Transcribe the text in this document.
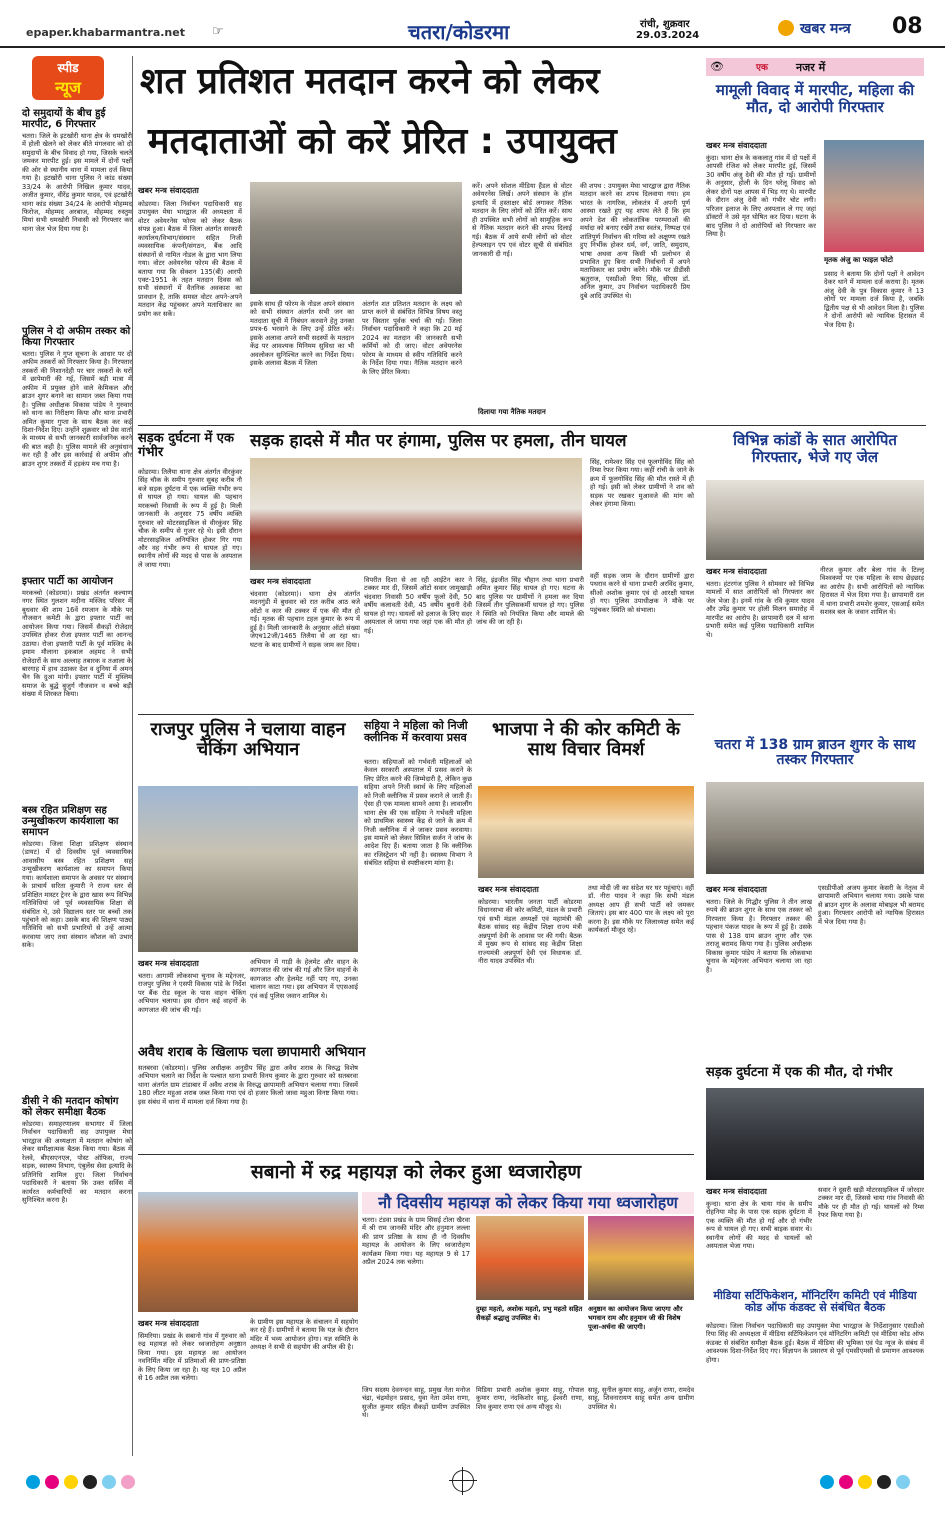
epaper.khabarmantra.net ☞	चतरा/कोडरमा	रांची, शुक्रवार
29.03.2024	खबर मन्त्र 08
स्पीड
न्यूज
दो समुदायों के बीच हुई मारपीट, 6 गिरफ्तार
चतरा। जिले के इटखोरी थाना क्षेत्र के धमखोरी में होली खेलने को लेकर बीते मंगलवार को दो समुदायों के बीच विवाद हो गया, जिसके चलते जमकर मारपीट हुई। इस मामले में दोनों पक्षों की ओर से स्थानीय थाना में मामला दर्ज किया गया है। इटखोरी थाना पुलिस ने कांड संख्या 33/24 के आरोपी निखिल कुमार यादव, अजीत कुमार, वीरेंद्र कुमार यादव, एवं इटखोरी थाना कांड संख्या 34/24 के आरोपी मोहम्मद फिरोज, मोहम्मद अरबाज, मोहम्मद रुस्तुम मियां सभी धमखोरी निवासी को गिरफ्तार कर थाना जेल भेज दिया गया है।
पुलिस ने दो अफीम तस्कर को किया गिरफ्तार
चतरा। पुलिस ने गुप्त सूचना के आधार पर दो अफीम तस्करों को गिरफ्तार किया है। गिरफ्तार तस्करों की निशानदेही पर चार तस्करों के घरों में छापेमारी की गई, जिसमें बड़ी मात्रा में अफीम में प्रयुक्त होने वाले केमिकल और ब्राउन शुगर बनाने का सामान जब्त किया गया है। पुलिस अधीक्षक विकास पांडेय ने गुरुवार को थाना का निरीक्षण किया और थाना प्रभारी अमित कुमार गुप्ता के साथ बैठक कर कई दिशा-निर्देश दिए। उन्होंने शुक्रवार को प्रेस वार्ता के माध्यम से सभी जानकारी सार्वजनिक करने की बात कही है। पुलिस मामले की अनुसंधान कर रही है और इस कार्रवाई से अफीम और ब्राउन शुगर तस्करों में हड़कंप मच गया है।
इफ्तार पार्टी का आयोजन
मरकच्चो (कोडरमा)। प्रखंड अंतर्गत कल्याण नगर स्थित गुलशन मदीना मस्जिद परिसर में बुधवार की शाम 16वें रमजान के मौके पर नौजवान कमेटी के द्वारा इफ्तार पार्टी का आयोजन किया गया। जिसमें सैकड़ों रोजेदार उपस्थित होकर रोजा इफ्तार पार्टी का आनन्द उठाया। रोजा इफ्तारी पार्टी के पूर्व मस्जिद के इमाम मौलाना इकबाल अहमद ने सभी रोजेदारों के साथ अल्लाह तबारक व तआला के बारगाह में हाथ उठाकर देश व दुनिया में अमन चैन कि दुआ मांगी। इफ्तार पार्टी में मुस्लिम समाज के बुद्धे बुजुर्ग नौजवान व बच्चे बड़ी संख्या में शिरकत किया।
बस्त्र रहित प्रशिक्षण सह उन्मुखीकरण कार्यशाला का समापन
कोडरमा। जिला शिक्षा प्रशिक्षण संस्थान (डायट) में दो दिवसीय पूर्व व्यवसायिक आवासीय बस्त्र रहित प्रशिक्षण सह उन्मुखीकरण कार्यशाला का समापन किया गया। कार्यशाला समापन के अवसर पर संस्थान के प्राचार्य सरिता कुमारी ने राज्य स्तर से प्रशिक्षित मास्टर ट्रेनर के द्वारा खास रूप विभिन्न गतिविधियां जो पूर्व व्यवसायिक शिक्षा से संबंधित थे, उसे विद्यालय स्तर पर बच्चों तक पहुंचाने को कहा। उसके बाद की शिक्षण पाठ्य गतिविधि को सभी प्रभारियों से उन्हें आत्मा करवाया जाए तथा संस्थान कौशल को उभार सके।
डीसी ने की मतदान कोषांग को लेकर समीक्षा बैठक
कोडरमा। समाहरणालय सभागार में जिला निर्वाचन पदाधिकारी सह उपायुक्त मेघा भारद्वाज की अध्यक्षता में मतदान कोषांग को लेकर समीक्षात्मक बैठक किया गया। बैठक में रेलवे, बीएसएनएल, पोस्ट ऑफिस, राज्य सड़क, स्वास्थ्य विभाग, एंबुलेंस सेवा इत्यादि के प्रतिनिधि शामिल हुए। जिला निर्वाचन पदाधिकारी ने बताया कि उक्त सर्विस में कार्यरत कर्मचारियों का मतदान करना सुनिश्चित करना है।
शत प्रतिशत मतदान करने को लेकर
मतदाताओं को करें प्रेरित : उपायुक्त
खबर मन्त्र संवाददाता
कोडरमा। जिला निर्वाचन पदाधिकारी सह उपायुक्त मेघा भारद्वाज की अध्यक्षता में वोटर अवेयरनेस फोरम को लेकर बैठक संपन्न हुआ। बैठक में जिला अंतर्गत सरकारी कार्यालय/विभाग/संस्थान सहित निजी व्यवसायिक कंपनी/संगठन, बैंक आदि संस्थानों से नामित नोडल के द्वारा भाग लिया गया। वोटर अवेयरनेस फोरम की बैठक में बताया गया कि सेक्शन 135(बी) आरपी एक्ट-1951 के तहत मतदान दिवस को सभी संस्थानों में वैतनिक अवकाश का प्रावधान है, ताकि समस्त वोटर अपने-अपने मतदान केंद्र पहुंचकर अपने मताधिकार का प्रयोग कर सकें।
इसके साथ ही फोरम के नोडल अपने संस्थान को सभी संस्थान अंतर्गत सभी जन का मतदाता सूची में निबंधन करवाने हेतु उनका प्रपत्र-6 भरवाने के लिए उन्हें प्रेरित करें। इसके अलावा अपने सभी सदस्यों के मतदान केंद्र पर आवश्यक मिनिमम सुविधा का भी अवलोकन सुनिश्चित करने का निर्देश दिया। इसके अलावा बैठक में जिला
अंतर्गत शत प्रतिशत मतदान के लक्ष्य को प्राप्त करने से संबंधित विभिन्न विषय वस्तु पर विस्तार पूर्वक चर्चा की गई। जिला निर्वाचन पदाधिकारी ने कहा कि 20 मई 2024 का मतदान की जानकारी सभी कर्मियों को दी जाए। वोटर अवेयरनेस फोरम के माध्यम से स्वीप गतिविधि करने के निर्देश दिया गया। नैतिक मतदान करने के लिए प्रेरित किया।
करें। अपने सोशल मीडिया हैंडल से वोटर अवेयरनेस लिखें। अपने संस्थान के हॉल इत्यादि में हस्ताक्षर बोर्ड लगाकर नैतिक मतदान के लिए लोगों को प्रेरित करें। साथ ही उपस्थित सभी लोगों को सामूहिक रूप से नैतिक मतदान करने की शपथ दिलाई गई। बैठक में आये सभी लोगों को वोटर हेल्पलाइन एप एवं वोटर सूची से संबंधित जानकारी दी गई।
दिलाया गया नैतिक मतदान
की शपथ : उपायुक्त मेघा भारद्वाज द्वारा नैतिक मतदान करने का शपथ दिलवाया गया। हम भारत के नागरिक, लोकतंत्र में अपनी पूर्ण आस्था रखते हुए यह शपथ लेते हैं कि हम अपने देश की लोकतांत्रिक परम्पराओं की मर्यादा को बनाए रखेंगे तथा स्वतंत्र, निष्पक्ष एवं शांतिपूर्ण निर्वाचन की गरिमा को अक्षुण्ण रखते हुए निर्भीक होकर धर्म, वर्ग, जाति, समुदाय, भाषा अथवा अन्य किसी भी प्रलोभन से प्रभावित हुए बिना सभी निर्वाचनों में अपने मताधिकार का प्रयोग करेंगे। मौके पर डीडीसी ऋतुराज, एसडीओ रिया सिंह, सीएस डॉ. अनिल कुमार, उप निर्वाचन पदाधिकारी प्रिय दुबे आदि उपस्थित थे।
👁	एक	नजर में
मामूली विवाद में मारपीट, महिला की मौत, दो आरोपी गिरफ्तार
खबर मन्त्र संवाददाता
कुंदा। थाना क्षेत्र के ककलातु गांव में दो पक्षों में आपसी रंजिश को लेकर मारपीट हुई, जिसमें 30 वर्षीय अंजु देवी की मौत हो गई। ग्रामीणों के अनुसार, होली के दिन घरेलू विवाद को लेकर दोनों पक्ष आपस में भिड़ गए थे। मारपीट के दौरान अंजु देवी को गंभीर चोट लगी। परिजन इलाज के लिए अस्पताल ले गए जहां डॉक्टरों ने उसे मृत घोषित कर दिया। घटना के बाद पुलिस ने दो आरोपियों को गिरफ्तार कर लिया है।
मृतक अंजु का फाइल फोटो
प्रसाद ने बताया कि दोनों पक्षों ने आवेदन देकर थाने में मामला दर्ज कराया है। मृतक अंजु देवी के पुत्र विकास कुमार ने 13 लोगों पर मामला दर्ज किया है, जबकि द्वितीय पक्ष से भी आवेदन मिला है। पुलिस ने दोनों आरोपी को न्यायिक हिरासत में भेज दिया है।
सड़क दुर्घटना में एक गंभीर
कोडरमा। तिलैया थाना क्षेत्र अंतर्गत वीरकुंवर सिंह चौक के समीप गुरुवार सुबह करीब नौ बजे सड़क दुर्घटना में एक व्यक्ति गंभीर रूप से घायल हो गया। घायल की पहचान मरकच्चो निवासी के रूप में हुई है। मिली जानकारी के अनुसार 75 वर्षीय व्यक्ति गुरुवार को मोटरसाइकिल से वीरकुंवर सिंह चौक के समीप से गुजर रहे थे। इसी दौरान मोटरसाइकिल अनियंत्रित होकर गिर गया और वह गंभीर रूप से घायल हो गए। स्थानीय लोगों की मदद से पास के अस्पताल ले जाया गया।
सड़क हादसे में मौत पर हंगामा, पुलिस पर हमला, तीन घायल
खबर मन्त्र संवाददाता
चंदवारा (कोडरमा)। थाना क्षेत्र अंतर्गत मदनगुंडी में बुधवार को रात करीब आठ बजे ऑटो व कार की टक्कर में एक की मौत हो गई। मृतक की पहचान टहल कुमार के रूप में हुई है। मिली जानकारी के अनुसार ऑटो संख्या जेएच12जी/1465 तिलैया से आ रहा था। घटना के बाद ग्रामीणों ने सड़क जाम कर दिया।
विपरीत दिशा से आ रही आईटेन कार ने टक्कर मार दी, जिसमें ऑटो सवार जामुखाड़ी चंदवारा निवासी 50 वर्षीय फूलो देवी, 50 वर्षीय कलावती देवी, 45 वर्षीय बुधनी देवी घायल हो गए। घायलों को इलाज के लिए सदर अस्पताल ले जाया गया जहां एक की मौत हो गई।
सिंह, इंद्रजीत सिंह चौहान तथा थाना प्रभारी अमित कुमार सिंह घायल हो गए। घटना के बाद पुलिस पर ग्रामीणों ने हमला कर दिया जिसमें तीन पुलिसकर्मी घायल हो गए। पुलिस ने स्थिति को नियंत्रित किया और मामले की जांच की जा रही है।
सिंह, रामेश्वर सिंह एवं फूलगोविंद सिंह को रिम्स रेफर किया गया। कहीं रांची के जाने के क्रम में फूलगोविंद सिंह की मौत रास्ते में ही हो गई। इसी को लेकर ग्रामीणों ने शव को सड़क पर रखकर मुआवजे की मांग को लेकर हंगामा किया।
वहीं सड़क जाम के दौरान ग्रामीणों द्वारा पथराव करने से थाना प्रभारी अरविंद कुमार, सीओ अशोक कुमार एवं दो आरक्षी घायल हो गए। पुलिस उपाधीक्षक ने मौके पर पहुंचकर स्थिति को संभाला।
विभिन्न कांडों के सात आरोपित गिरफ्तार, भेजे गए जेल
खबर मन्त्र संवाददाता
चतरा। हंटरगंज पुलिस ने सोमवार को विभिन्न मामलों में सात आरोपितों को गिरफ्तार कर जेल भेजा है। इनमें गांव के रवि कुमार यादव और उपेंद्र कुमार पर होली मिलन समारोह में मारपीट का आरोप है। छापामारी दल में थाना प्रभारी समेत कई पुलिस पदाधिकारी शामिल थे।
नीरज कुमार और बेला गांव के टिल्लू विश्वकर्मा पर एक महिला के साथ छेड़छाड़ का आरोप है। सभी आरोपितों को न्यायिक हिरासत में भेज दिया गया है। छापामारी दल में थाना प्रभारी शमशेर कुमार, एसआई समेत सशस्त्र बल के जवान शामिल थे।
राजपुर पुलिस ने चलाया वाहन चेकिंग अभियान
खबर मन्त्र संवाददाता
चतरा। आगामी लोकसभा चुनाव के मद्देनजर, राजपुर पुलिस ने एसपी विकास पांडे के निर्देश पर बैंक रोड स्कूल के पास वाहन चेकिंग अभियान चलाया। इस दौरान कई वाहनों के कागजात की जांच की गई।
अभियान में गाड़ी के हेलमेट और वाहन के कागजात की जांच की गई और जिन वाहनों के कागजात और हेलमेट नहीं पाए गए, उनका चालान काटा गया। इस अभियान में एएसआई एवं कई पुलिस जवान शामिल थे।
अवैध शराब के खिलाफ चला छापामारी अभियान
सतबरवा (कोडरमा)। पुलिस अधीक्षक अनुदीप सिंह द्वारा अवैध शराब के विरुद्ध विशेष अभियान चलाने का निर्देश के पश्चात थाना प्रभारी विनय कुमार के द्वारा गुरुवार को सतबरवा थाना अंतर्गत ग्राम टांडाबार में अवैध शराब के विरुद्ध छापामारी अभियान चलाया गया। जिसमें 180 लीटर महुआ शराब जब्त किया गया एवं दो हजार किलो जावा महुआ विनष्ट किया गया। इस संबंध में थाना में मामला दर्ज किया गया है।
सहिया ने महिला को निजी क्लीनिक में करवाया प्रसव
चतरा। सहियाओं को गर्भवती महिलाओं को केवल सरकारी अस्पताल में प्रसव कराने के लिए प्रेरित करने की जिम्मेदारी है, लेकिन कुछ सहिया अपने निजी स्वार्थ के लिए महिलाओं को निजी क्लीनिक में प्रसव कराने ले जाती हैं। ऐसा ही एक मामला सामने आया है। लावालौंग थाना क्षेत्र की एक सहिया ने गर्भवती महिला को प्राथमिक स्वास्थ्य केंद्र से जाने के क्रम में निजी क्लीनिक में ले जाकर प्रसव करवाया। इस मामले को लेकर सिविल सर्जन ने जांच के आदेश दिए हैं। बताया जाता है कि क्लीनिक का रजिस्ट्रेशन भी नहीं है। स्वास्थ्य विभाग ने संबंधित सहिया से स्पष्टीकरण मांगा है।
भाजपा ने की कोर कमिटी के साथ विचार विमर्श
खबर मन्त्र संवाददाता
कोडरमा। भारतीय जनता पार्टी कोडरमा विधानसभा की कोर कमिटी, मंडल के प्रभारी एवं सभी मंडल अध्यक्षों एवं महामंत्री की बैठक सांसद सह केंद्रीय शिक्षा राज्य मंत्री अन्नपूर्णा देवी के आवास पर की गयी। बैठक में मुख्य रूप से सांसद सह केंद्रीय शिक्षा राज्यमंत्री अन्नपूर्णा देवी एवं विधायक डॉ. नीरा यादव उपस्थित थी।
तथा मोदी जी का संदेश घर घर पहुंचाएं। वहीं डॉ. नीरा यादव ने कहा कि सभी मंडल अध्यक्ष आप ही सभी पार्टी को जमकर जिताएं। इस बार 400 पार के लक्ष्य को पूरा करना है। इस मौके पर जिलाध्यक्ष समेत कई कार्यकर्ता मौजूद रहे।
चतरा में 138 ग्राम ब्राउन शुगर के साथ तस्कर गिरफ्तार
खबर मन्त्र संवाददाता
चतरा। जिले के गिद्धौर पुलिस ने तीन लाख रुपये की ब्राउन शुगर के साथ एक तस्कर को गिरफ्तार किया है। गिरफ्तार तस्कर की पहचान पंकज यादव के रूप में हुई है। उसके पास से 138 ग्राम ब्राउन शुगर और एक तराजू बरामद किया गया है। पुलिस अधीक्षक विकास कुमार पांडेय ने बताया कि लोकसभा चुनाव के मद्देनजर अभियान चलाया जा रहा है।
एसडीपीओ अजय कुमार केसरी के नेतृत्व में छापामारी अभियान चलाया गया। उसके पास से ब्राउन शुगर के अलावा मोबाइल भी बरामद हुआ। गिरफ्तार आरोपी को न्यायिक हिरासत में भेज दिया गया है।
सड़क दुर्घटना में एक की मौत, दो गंभीर
खबर मन्त्र संवाददाता
कुन्दा। थाना क्षेत्र के चाया गांव के समीप रोहनिया मोड़ के पास एक सड़क दुर्घटना में एक व्यक्ति की मौत हो गई और दो गंभीर रूप से घायल हो गए। सभी बाइक सवार थे। स्थानीय लोगों की मदद से घायलों को अस्पताल भेजा गया।
सवार ने दूसरी खड़ी मोटरसाइकिल में जोरदार टक्कर मार दी, जिससे चाया गांव निवासी की मौके पर ही मौत हो गई। घायलों को रिम्स रेफर किया गया है।
मीडिया सर्टिफिकेशन, मॉनिटरिंग कमिटी एवं मीडिया कोड ऑफ कंडक्ट से संबंधित बैठक
कोडरमा। जिला निर्वाचन पदाधिकारी सह उपायुक्त मेघा भारद्वाज के निर्देशानुसार एसडीओ रिया सिंह की अध्यक्षता में मीडिया सर्टिफिकेशन एवं मॉनिटरिंग कमिटी एवं मीडिया कोड ऑफ कंडक्ट से संबंधित समीक्षा बैठक हुई। बैठक में मीडिया की भूमिका एवं पेड न्यूज के संबंध में आवश्यक दिशा-निर्देश दिए गए। विज्ञापन के प्रसारण से पूर्व एमसीएमसी से प्रमाणन आवश्यक होगा।
सबानो में रुद्र महायज्ञ को लेकर हुआ ध्वजारोहण
खबर मन्त्र संवाददाता
सिमरिया। प्रखंड के सबानो गांव में गुरुवार को रुद्र महायज्ञ को लेकर ध्वजारोहण अनुष्ठान किया गया। इस महायज्ञ का आयोजन नवनिर्मित मंदिर में प्रतिमाओं की प्राण-प्रतिष्ठा के लिए किया जा रहा है। यह यज्ञ 10 अप्रैल से 16 अप्रैल तक चलेगा।
के ग्रामीण इस महायज्ञ के संचालन में सहयोग कर रहे हैं। ग्रामीणों ने बताया कि यज्ञ के दौरान मंदिर में भव्य आयोजन होगा। यज्ञ समिति के अध्यक्ष ने सभी से सहयोग की अपील की है।
नौ दिवसीय महायज्ञ को लेकर किया गया ध्वजारोहण
चतरा। टंडवा प्रखंड के ग्राम सिसई टोला खैरवा में श्री राम जानकी मंदिर और हनुमान लल्ला की प्राण प्रतिष्ठा के साथ ही नौ दिवसीय महायज्ञ के आयोजन के लिए ध्वजारोहण कार्यक्रम किया गया। यह महायज्ञ 9 से 17 अप्रैल 2024 तक चलेगा।
दुम्हा महतो, अशोक महतो, प्रभु महतो सहित सैकड़ों श्रद्धालु उपस्थित थे।
अनुष्ठान का आयोजन किया जाएगा और भगवान राम और हनुमान जी की विशेष पूजा-अर्चना की जाएगी।
जिप सदस्य देवनन्दन साहू, प्रमुख नेता मनोज चंद्रा, चंद्रमोहन प्रसाद, युवा नेता उमेश राणा, सुजीत कुमार सहित सैकड़ों ग्रामीण उपस्थित थे।
मिडिया प्रभारी अशोक कुमार साहू, गोपाल कुमार राणा, नंदकिशोर साहू, ईश्वरी राणा, शिव कुमार राणा एवं अन्य मौजूद थे।
साहू, सुनील कुमार साहू, अर्जुन राणा, रामदेव साहू, शिवनारायण साहू समेत अन्य ग्रामीण उपस्थित थे।
